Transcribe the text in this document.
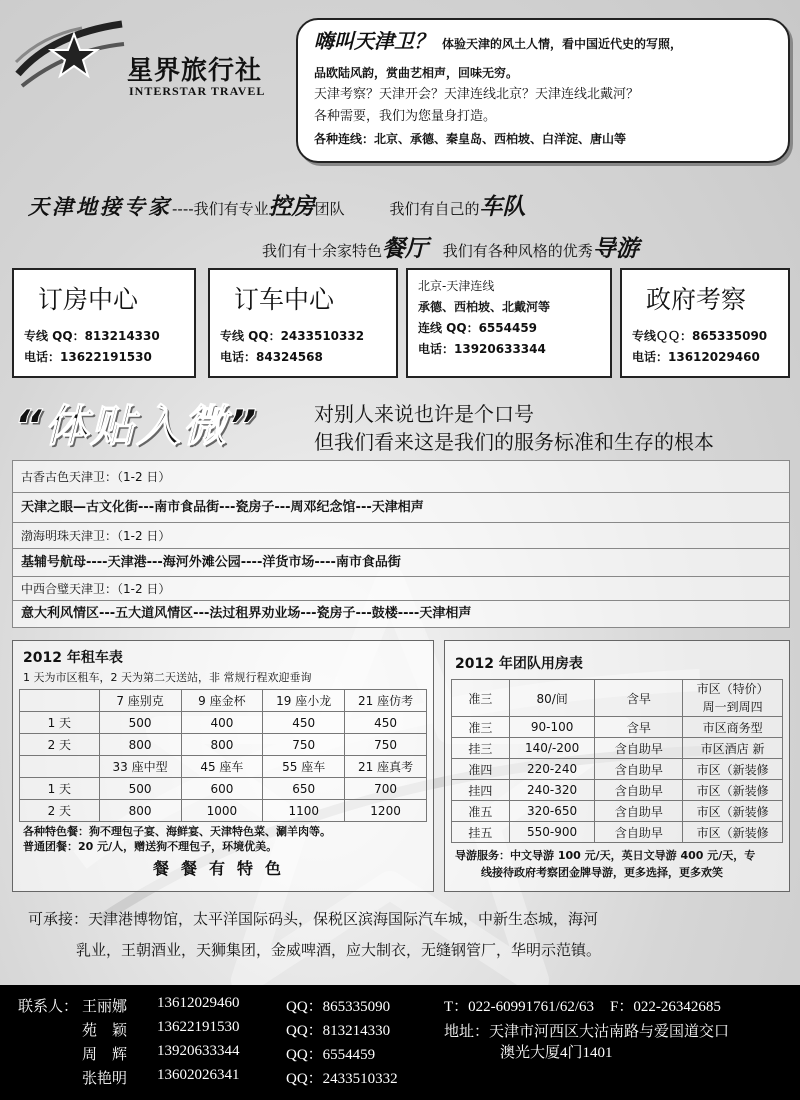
星界旅行社
INTERSTAR TRAVEL
嗨叫天津卫？ 体验天津的风土人情，看中国近代史的写照，
品欧陆风韵，赏曲艺相声，回味无穷。
天津考察？天津开会？天津连线北京？天津连线北戴河？
各种需要，我们为您量身打造。
各种连线：北京、承德、秦皇岛、西柏坡、白洋淀、唐山等
天津地接专家----我们有专业控房团队	我们有自己的车队
我们有十余家特色餐厅 我们有各种风格的优秀导游
订房中心
专线 QQ：813214330
电话：13622191530
订车中心
专线 QQ：2433510332
电话：84324568
北京-天津连线
承德、西柏坡、北戴河等
连线 QQ：6554459
电话：13920633344
政府考察
专线ＱＱ：865335090
电话：13612029460
“体贴入微”	对别人来说也许是个口号
但我们看来这是我们的服务标准和生存的根本
古香古色天津卫：（1-2 日）
天津之眼—古文化街---南市食品街---瓷房子---周邓纪念馆---天津相声
渤海明珠天津卫：（1-2 日）
基辅号航母----天津港---海河外滩公园----洋货市场----南市食品街
中西合璧天津卫：（1-2 日）
意大利风情区---五大道风情区---法过租界劝业场---瓷房子---鼓楼----天津相声
2012 年租车表
1 天为市区租车，2 天为第二天送站，非 常规行程欢迎垂询
	7 座别克	9 座金杯	19 座小龙	21 座仿考
1 天	500	400	450	450
2 天	800	800	750	750
	33 座中型	45 座车	55 座车	21 座真考
1 天	500	600	650	700
2 天	800	1000	1100	1200
各种特色餐：狗不理包子宴、海鲜宴、天津特色菜、涮羊肉等。
普通团餐：20 元/人，赠送狗不理包子，环境优美。
餐餐有特色
2012 年团队用房表
准三	80/间	含早	市区（特价）
周一到周四

准三	90-100	含早	市区商务型
挂三	140/-200	含自助早	市区酒店 新
准四	220-240	含自助早	市区（新装修
挂四	240-320	含自助早	市区（新装修
准五	320-650	含自助早	市区（新装修
挂五	550-900	含自助早	市区（新装修
导游服务：中文导游 100 元/天，英日文导游 400 元/天，专
线接待政府考察团金牌导游，更多选择，更多欢笑
可承接：天津港博物馆，太平洋国际码头，保税区滨海国际汽车城，中新生态城，海河
乳业，王朝酒业，天狮集团，金威啤酒，应大制衣，无缝钢管厂，华明示范镇。
联系人： 王丽娜 13612029460	QQ：865335090
苑　颖 13622191530	QQ：813214330
周　辉 13920633344	QQ：6554459
张艳明 13602026341	QQ：2433510332
T：022-60991761/62/63 F：022-26342685
地址：天津市河西区大沽南路与爱国道交口
澳光大厦4门1401
